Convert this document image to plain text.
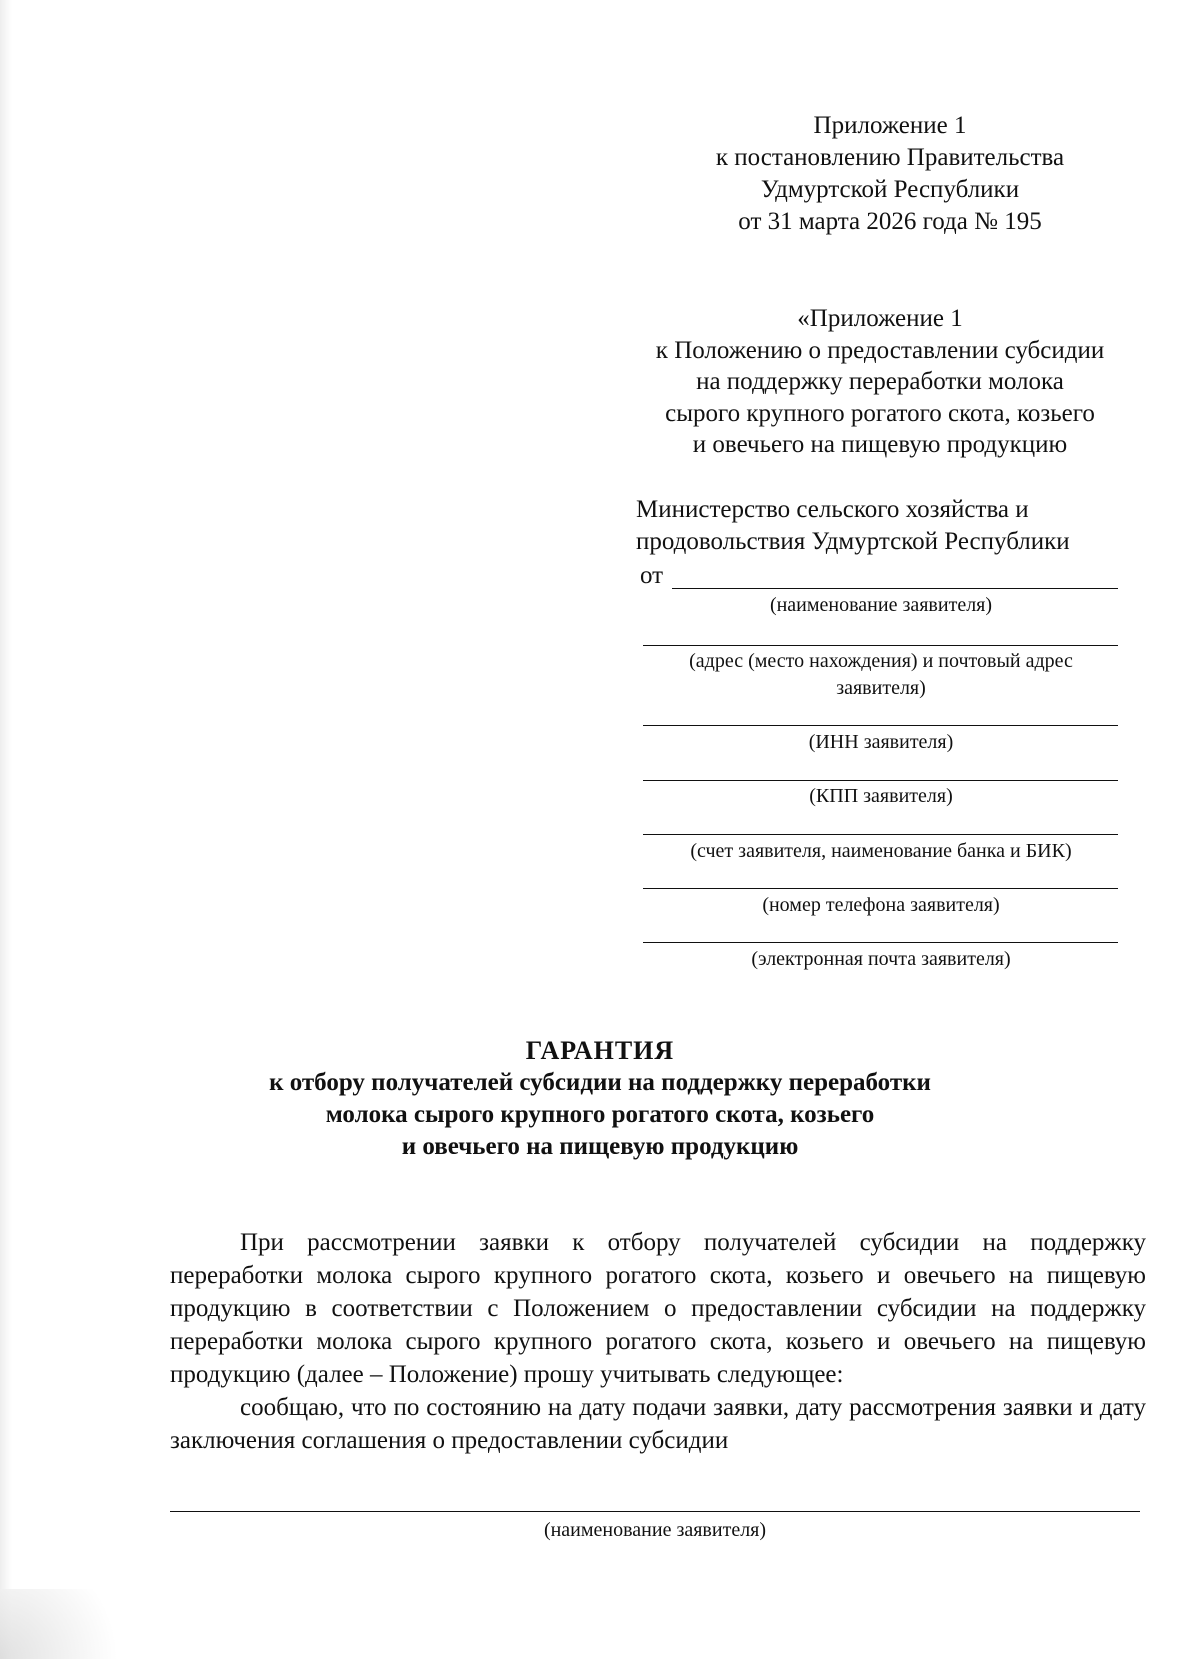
Приложение 1
к постановлению Правительства
Удмуртской Республики
от 31 марта 2026 года № 195
«Приложение 1
к Положению о предоставлении субсидии
на поддержку переработки молока
сырого крупного рогатого скота, козьего
и овечьего на пищевую продукцию
Министерство сельского хозяйства и
продовольствия Удмуртской Республики
от
(наименование заявителя)
(адрес (место нахождения) и почтовый адрес
заявителя)
(ИНН заявителя)
(КПП заявителя)
(счет заявителя, наименование банка и БИК)
(номер телефона заявителя)
(электронная почта заявителя)
ГАРАНТИЯ
к отбору получателей субсидии на поддержку переработки
молока сырого крупного рогатого скота, козьего
и овечьего на пищевую продукцию

При рассмотрении заявки к отбору получателей субсидии на поддержку переработки молока сырого крупного рогатого скота, козьего и овечьего на пищевую продукцию в соответствии с Положением о предоставлении субсидии на поддержку переработки молока сырого крупного рогатого скота, козьего и овечьего на пищевую продукцию (далее – Положение) прошу учитывать следующее:

сообщаю, что по состоянию на дату подачи заявки, дату рассмотрения заявки и дату заключения соглашения о предоставлении субсидии

(наименование заявителя)
